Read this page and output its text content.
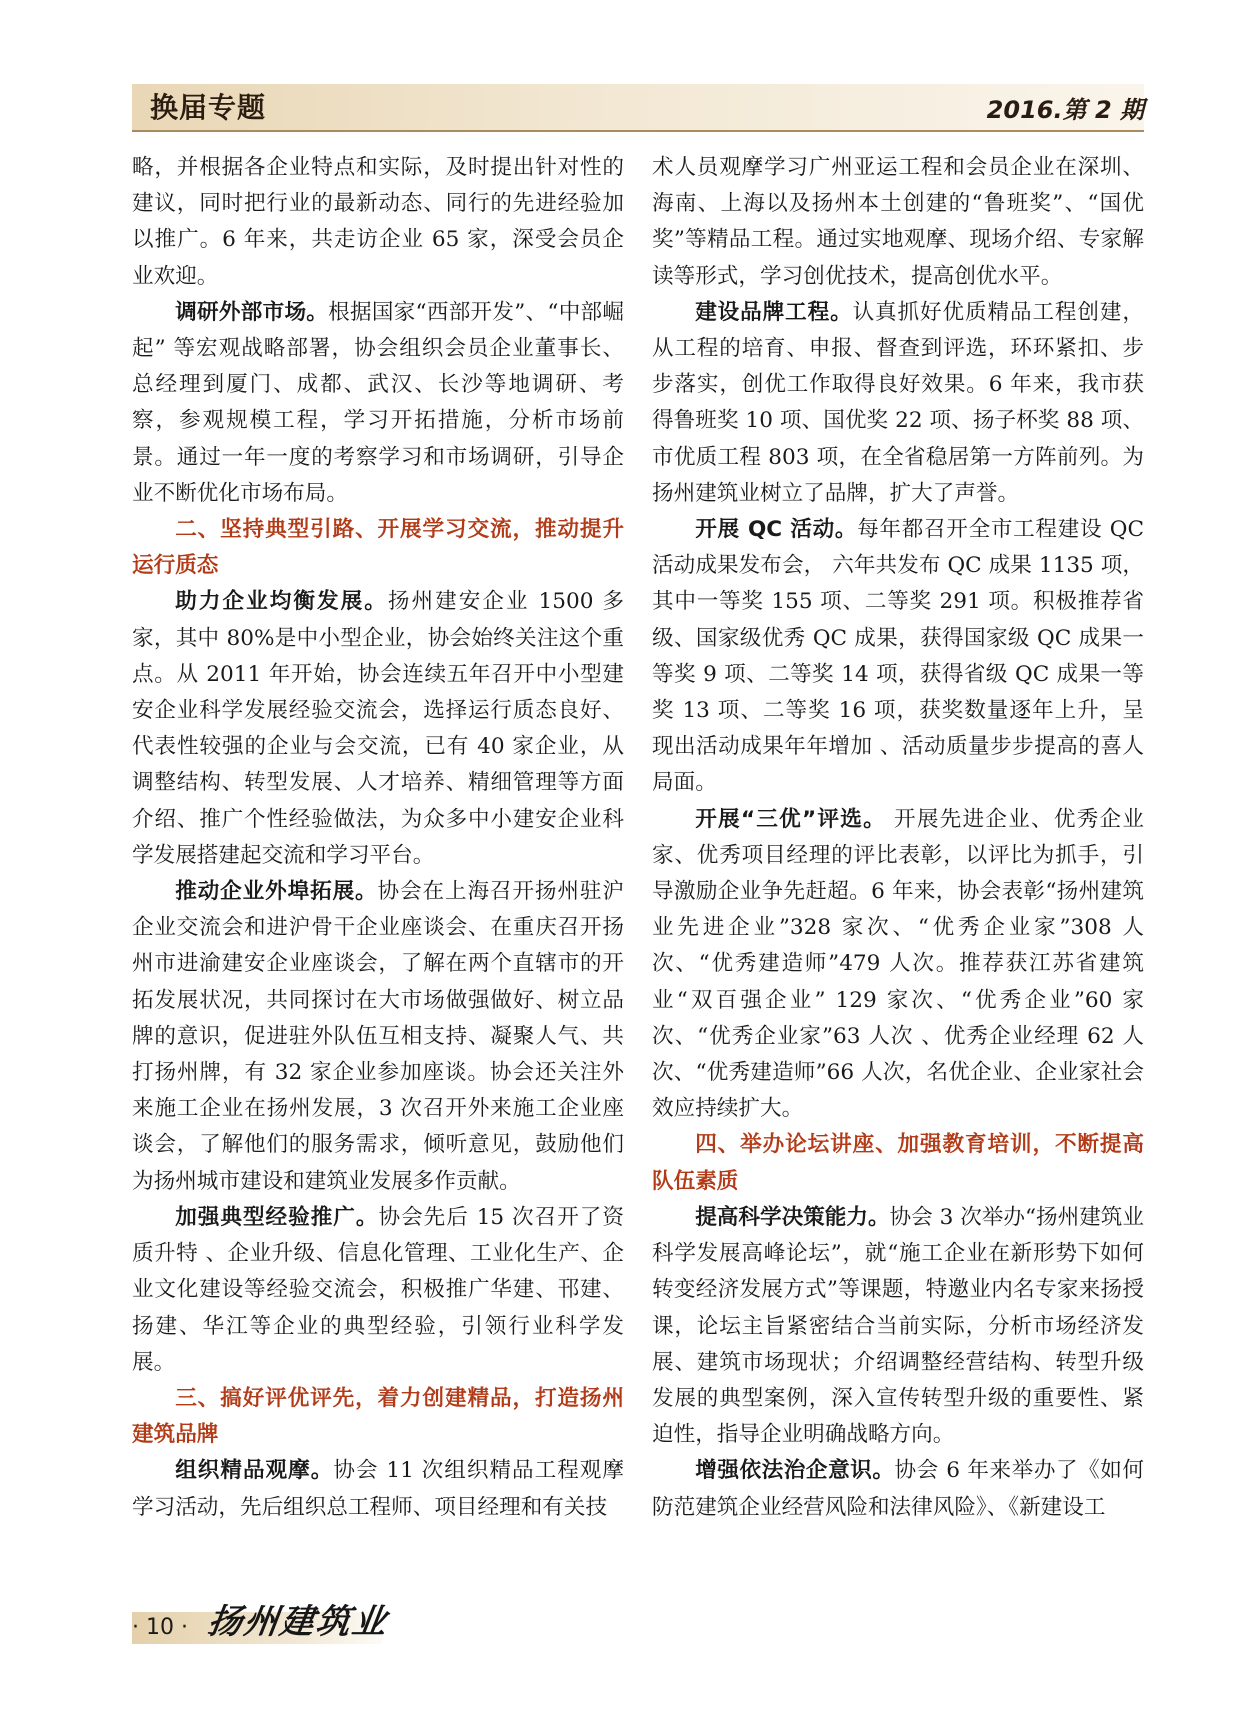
换届专题	2016.第 2 期

略，并根据各企业特点和实际，及时提出针对性的建议，同时把行业的最新动态、同行的先进经验加以推广。6 年来，共走访企业 65 家，深受会员企业欢迎。

调研外部市场。根据国家“西部开发”、“中部崛起” 等宏观战略部署，协会组织会员企业董事长、总经理到厦门、成都、武汉、长沙等地调研、考察，参观规模工程，学习开拓措施，分析市场前景。通过一年一度的考察学习和市场调研，引导企业不断优化市场布局。

二、坚持典型引路、开展学习交流，推动提升运行质态

助力企业均衡发展。扬州建安企业 1500 多家，其中 80%是中小型企业，协会始终关注这个重点。从 2011 年开始，协会连续五年召开中小型建安企业科学发展经验交流会，选择运行质态良好、代表性较强的企业与会交流，已有 40 家企业，从调整结构、转型发展、人才培养、精细管理等方面介绍、推广个性经验做法，为众多中小建安企业科学发展搭建起交流和学习平台。

推动企业外埠拓展。协会在上海召开扬州驻沪企业交流会和进沪骨干企业座谈会、在重庆召开扬州市进渝建安企业座谈会，了解在两个直辖市的开拓发展状况，共同探讨在大市场做强做好、树立品牌的意识，促进驻外队伍互相支持、凝聚人气、共打扬州牌，有 32 家企业参加座谈。协会还关注外来施工企业在扬州发展，3 次召开外来施工企业座谈会，了解他们的服务需求，倾听意见，鼓励他们为扬州城市建设和建筑业发展多作贡献。

加强典型经验推广。协会先后 15 次召开了资质升特 、企业升级、信息化管理、工业化生产、企业文化建设等经验交流会，积极推广华建、邗建、扬建、华江等企业的典型经验，引领行业科学发展。

三、搞好评优评先，着力创建精品，打造扬州建筑品牌

组织精品观摩。协会 11 次组织精品工程观摩学习活动，先后组织总工程师、项目经理和有关技

术人员观摩学习广州亚运工程和会员企业在深圳、海南、上海以及扬州本土创建的“鲁班奖”、“国优奖”等精品工程。通过实地观摩、现场介绍、专家解读等形式，学习创优技术，提高创优水平。

建设品牌工程。认真抓好优质精品工程创建，从工程的培育、申报、督查到评选，环环紧扣、步步落实，创优工作取得良好效果。6 年来，我市获得鲁班奖 10 项、国优奖 22 项、扬子杯奖 88 项、市优质工程 803 项，在全省稳居第一方阵前列。为扬州建筑业树立了品牌，扩大了声誉。

开展 QC 活动。每年都召开全市工程建设 QC 活动成果发布会， 六年共发布 QC 成果 1135 项，其中一等奖 155 项、二等奖 291 项。积极推荐省级、国家级优秀 QC 成果，获得国家级 QC 成果一等奖 9 项、二等奖 14 项，获得省级 QC 成果一等奖 13 项、二等奖 16 项，获奖数量逐年上升，呈现出活动成果年年增加 、活动质量步步提高的喜人局面。

开展“三优”评选。 开展先进企业、优秀企业家、优秀项目经理的评比表彰，以评比为抓手，引导激励企业争先赶超。6 年来，协会表彰“扬州建筑业先进企业”328 家次、“优秀企业家”308 人次、“优秀建造师”479 人次。推荐获江苏省建筑业“双百强企业” 129 家次、“优秀企业”60 家次、“优秀企业家”63 人次 、优秀企业经理 62 人次、“优秀建造师”66 人次，名优企业、企业家社会效应持续扩大。

四、举办论坛讲座、加强教育培训，不断提高队伍素质

提高科学决策能力。协会 3 次举办“扬州建筑业科学发展高峰论坛”，就“施工企业在新形势下如何转变经济发展方式”等课题，特邀业内名专家来扬授课，论坛主旨紧密结合当前实际，分析市场经济发展、建筑市场现状；介绍调整经营结构、转型升级发展的典型案例，深入宣传转型升级的重要性、紧迫性，指导企业明确战略方向。

增强依法治企意识。协会 6 年来举办了《如何防范建筑企业经营风险和法律风险》、《新建设工

· 10 · 扬州建筑业
